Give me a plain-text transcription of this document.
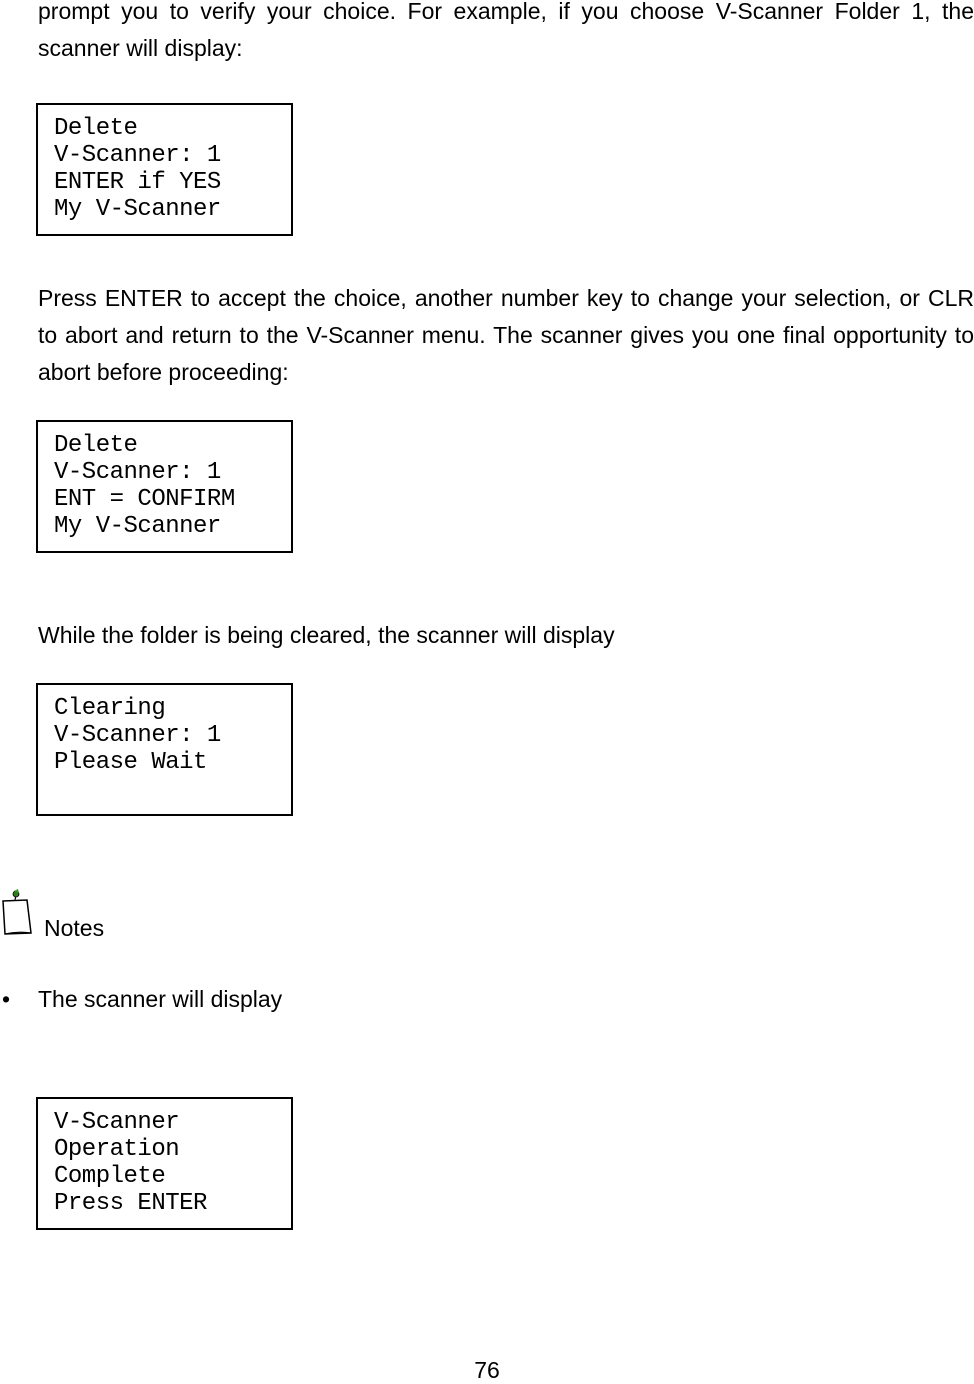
prompt you to verify your choice. For example, if you choose V-Scanner Folder 1, the scanner will display:

Delete
V-Scanner: 1
ENTER if YES
My V-Scanner

Press ENTER to accept the choice, another number key to change your selection, or CLR to abort and return to the V-Scanner menu. The scanner gives you one final opportunity to abort before proceeding:

Delete
V-Scanner: 1
ENT = CONFIRM
My V-Scanner

While the folder is being cleared, the scanner will display

Clearing
V-Scanner: 1
Please Wait
Notes
• The scanner will display

V-Scanner
Operation
Complete
Press ENTER
76
